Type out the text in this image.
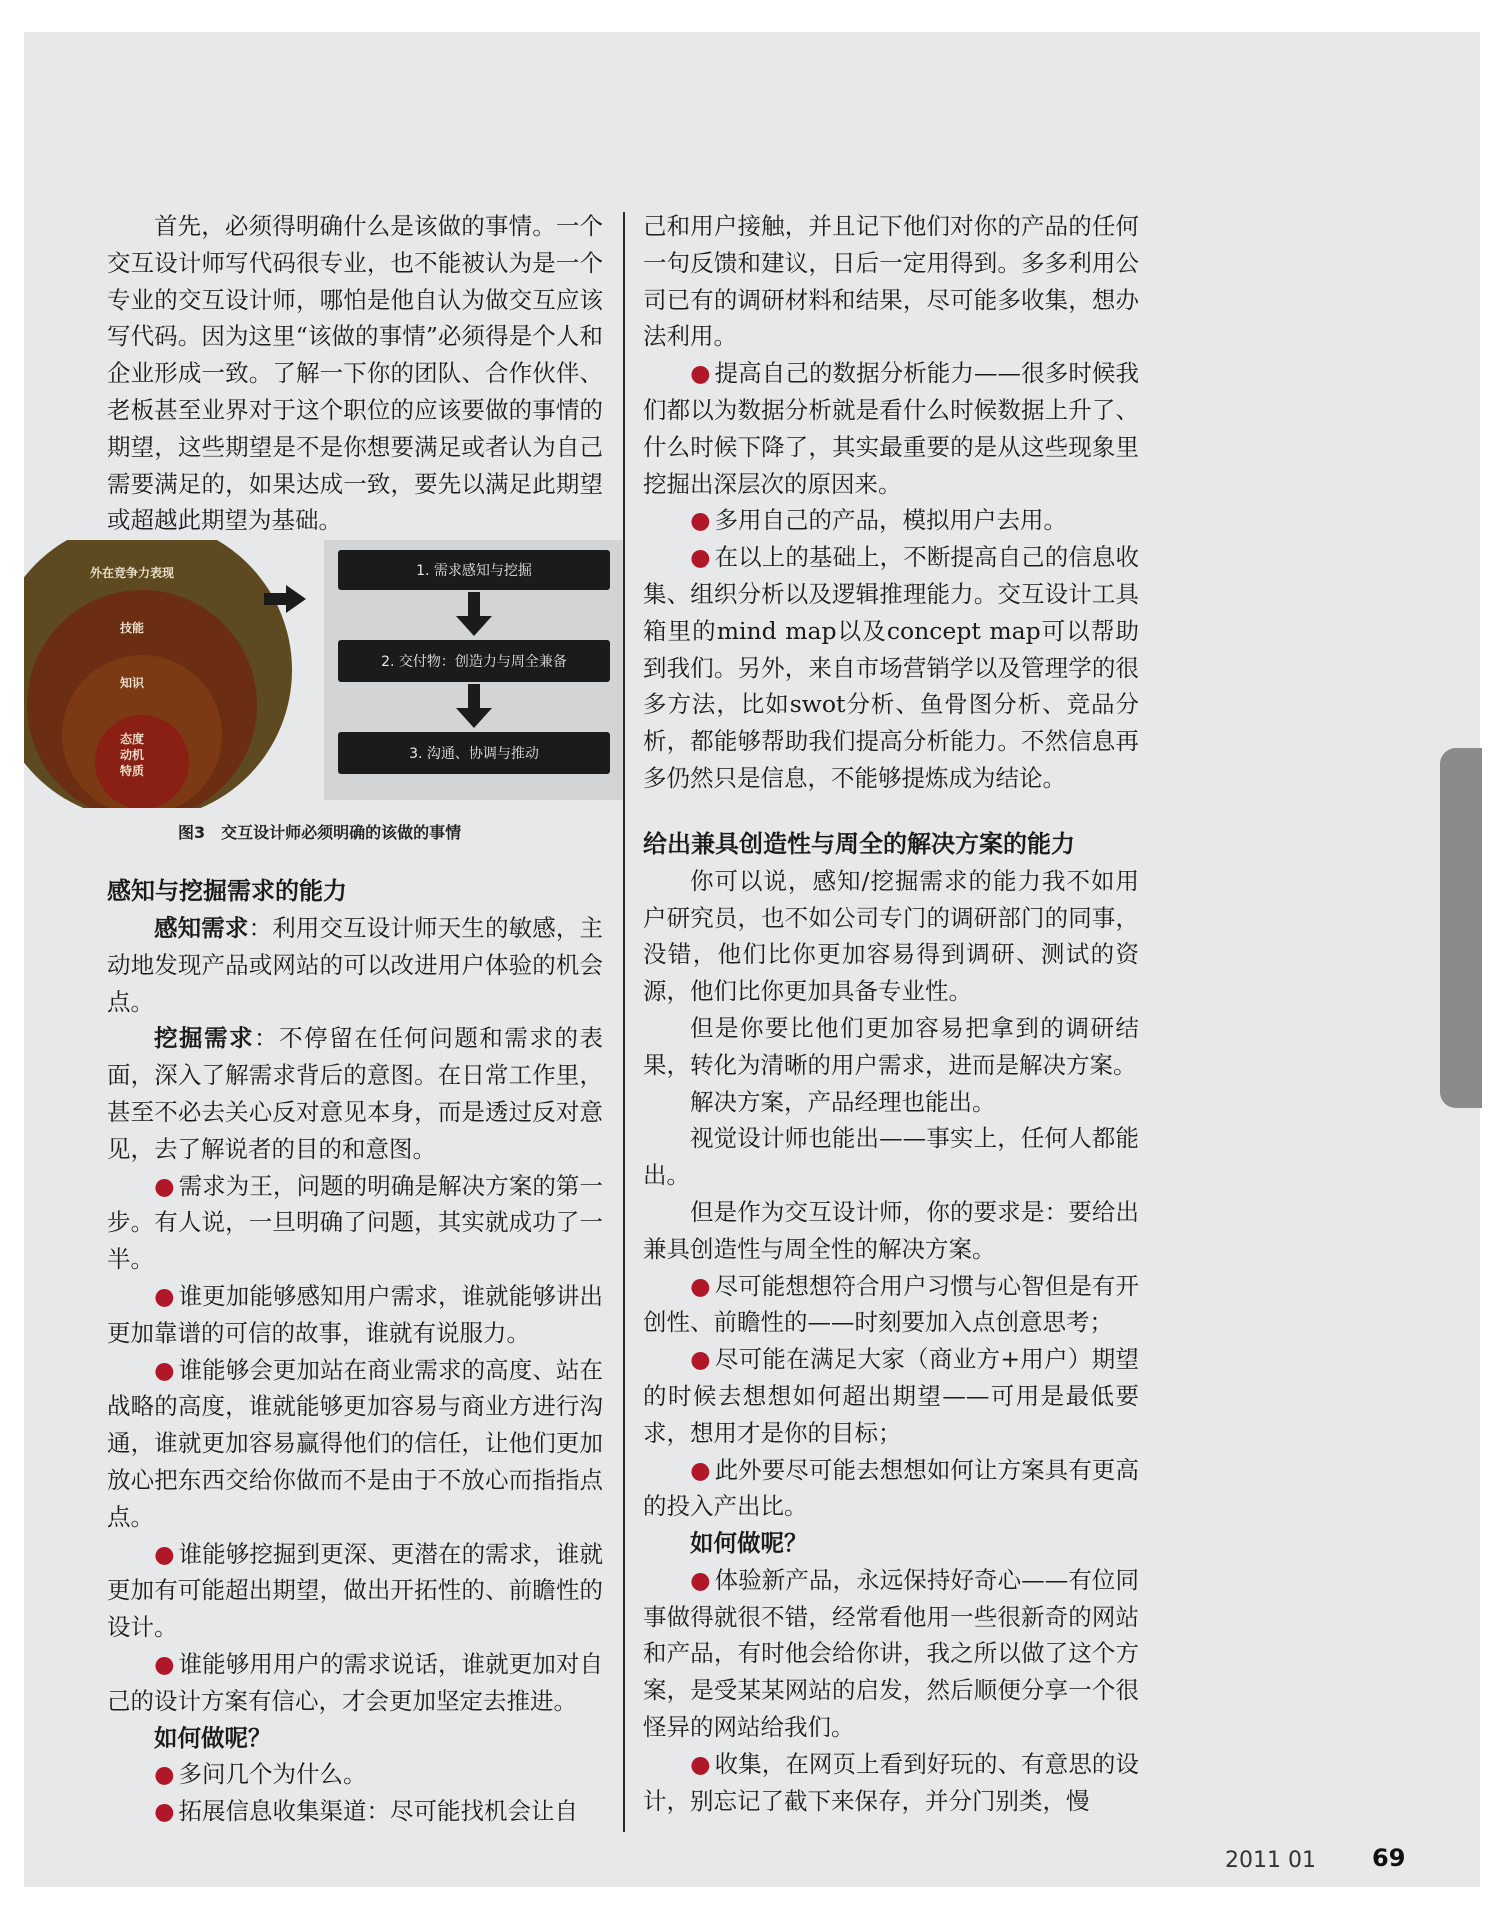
首先，必须得明确什么是该做的事情。一个交互设计师写代码很专业，也不能被认为是一个专业的交互设计师，哪怕是他自认为做交互应该写代码。因为这里“该做的事情”必须得是个人和企业形成一致。了解一下你的团队、合作伙伴、老板甚至业界对于这个职位的应该要做的事情的期望，这些期望是不是你想要满足或者认为自己需要满足的，如果达成一致，要先以满足此期望或超越此期望为基础。

外在竞争力表现
技能
知识
态度
动机
特质
1. 需求感知与挖掘
2. 交付物：创造力与周全兼备
3. 沟通、协调与推动
图3　交互设计师必须明确的该做的事情

感知与挖掘需求的能力

感知需求：利用交互设计师天生的敏感，主动地发现产品或网站的可以改进用户体验的机会点。

挖掘需求：不停留在任何问题和需求的表面，深入了解需求背后的意图。在日常工作里，甚至不必去关心反对意见本身，而是透过反对意见，去了解说者的目的和意图。

● 需求为王，问题的明确是解决方案的第一步。有人说，一旦明确了问题，其实就成功了一半。

● 谁更加能够感知用户需求，谁就能够讲出更加靠谱的可信的故事，谁就有说服力。

● 谁能够会更加站在商业需求的高度、站在战略的高度，谁就能够更加容易与商业方进行沟通，谁就更加容易赢得他们的信任，让他们更加放心把东西交给你做而不是由于不放心而指指点点。

● 谁能够挖掘到更深、更潜在的需求，谁就更加有可能超出期望，做出开拓性的、前瞻性的设计。

● 谁能够用用户的需求说话，谁就更加对自己的设计方案有信心，才会更加坚定去推进。

如何做呢？

● 多问几个为什么。

● 拓展信息收集渠道：尽可能找机会让自

己和用户接触，并且记下他们对你的产品的任何一句反馈和建议，日后一定用得到。多多利用公司已有的调研材料和结果，尽可能多收集，想办法利用。

● 提高自己的数据分析能力——很多时候我们都以为数据分析就是看什么时候数据上升了、什么时候下降了，其实最重要的是从这些现象里挖掘出深层次的原因来。

● 多用自己的产品，模拟用户去用。

● 在以上的基础上，不断提高自己的信息收集、组织分析以及逻辑推理能力。交互设计工具箱里的mind map以及concept map可以帮助到我们。另外，来自市场营销学以及管理学的很多方法，比如swot分析、鱼骨图分析、竞品分析，都能够帮助我们提高分析能力。不然信息再多仍然只是信息，不能够提炼成为结论。

给出兼具创造性与周全的解决方案的能力

你可以说，感知/挖掘需求的能力我不如用户研究员，也不如公司专门的调研部门的同事，没错，他们比你更加容易得到调研、测试的资源，他们比你更加具备专业性。

但是你要比他们更加容易把拿到的调研结果，转化为清晰的用户需求，进而是解决方案。

解决方案，产品经理也能出。

视觉设计师也能出——事实上，任何人都能出。

但是作为交互设计师，你的要求是：要给出兼具创造性与周全性的解决方案。

● 尽可能想想符合用户习惯与心智但是有开创性、前瞻性的——时刻要加入点创意思考；

● 尽可能在满足大家（商业方+用户）期望的时候去想想如何超出期望——可用是最低要求，想用才是你的目标；

● 此外要尽可能去想想如何让方案具有更高的投入产出比。

如何做呢？

● 体验新产品，永远保持好奇心——有位同事做得就很不错，经常看他用一些很新奇的网站和产品，有时他会给你讲，我之所以做了这个方案，是受某某网站的启发，然后顺便分享一个很怪异的网站给我们。

● 收集，在网页上看到好玩的、有意思的设计，别忘记了截下来保存，并分门别类，慢

2011 01 69
